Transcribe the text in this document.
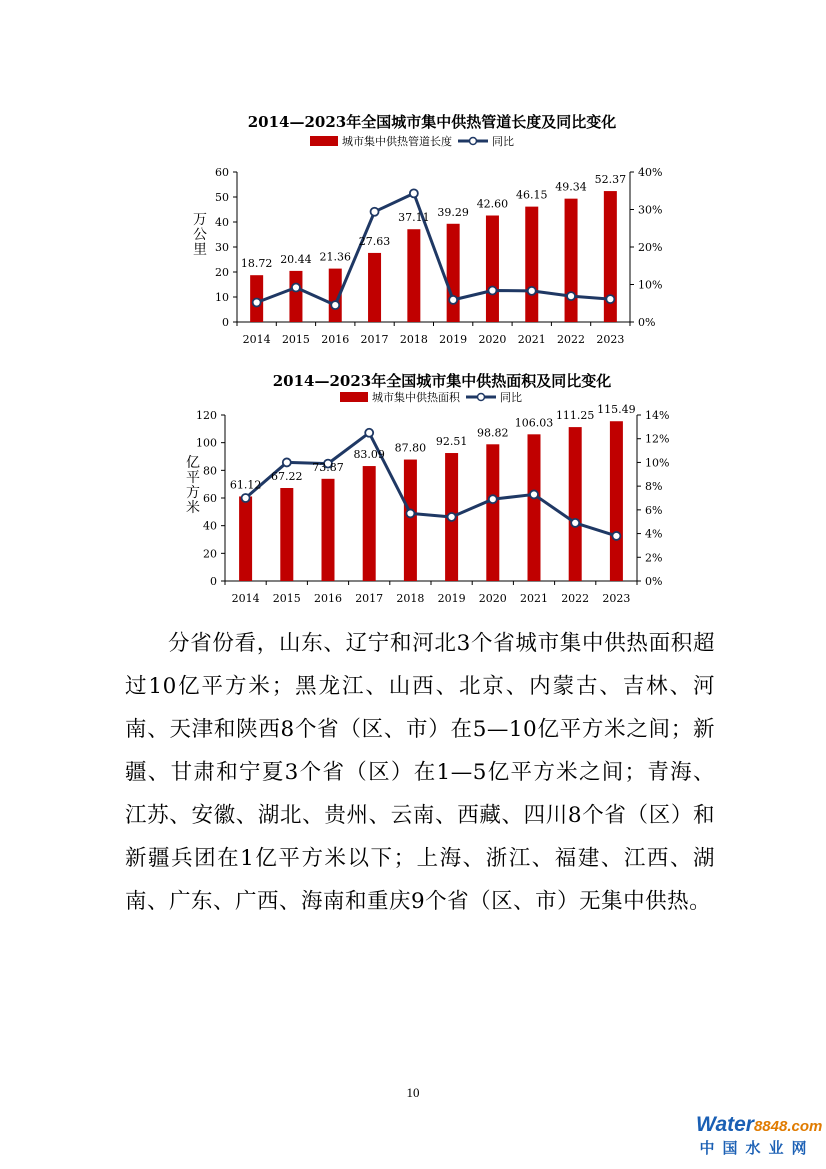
2014—2023年全国城市集中供热管道长度及同比变化
城市集中供热管道长度	同比
0
10
20
30
40
50
60
0%
10%
20%
30%
40%
2014 2015 2016 2017 2018 2019 2020 2021 2022 2023
万公里
18.72 20.44 21.36
27.63
37.11 39.29
42.60
46.15
49.34
52.37
2014—2023年全国城市集中供热面积及同比变化
城市集中供热面积	同比
0
20
40
60
80
100
120
0%
2%
4%
6%
8%
10%
12%
14%
2014 2015 2016 2017 2018 2019 2020 2021 2022 2023
亿平方米
61.12
67.22
73.87
83.09
87.80
92.51
98.82
106.03
111.25 115.49

分省份看，山东、辽宁和河北3个省城市集中供热面积超过10亿平方米；黑龙江、山西、北京、内蒙古、吉林、河南、天津和陕西8个省（区、市）在5—10亿平方米之间；新疆、甘肃和宁夏3个省（区）在1—5亿平方米之间；青海、江苏、安徽、湖北、贵州、云南、西藏、四川8个省（区）和新疆兵团在1亿平方米以下；上海、浙江、福建、江西、湖南、广东、广西、海南和重庆9个省（区、市）无集中供热。

10
Water8848.com
中国水业网
